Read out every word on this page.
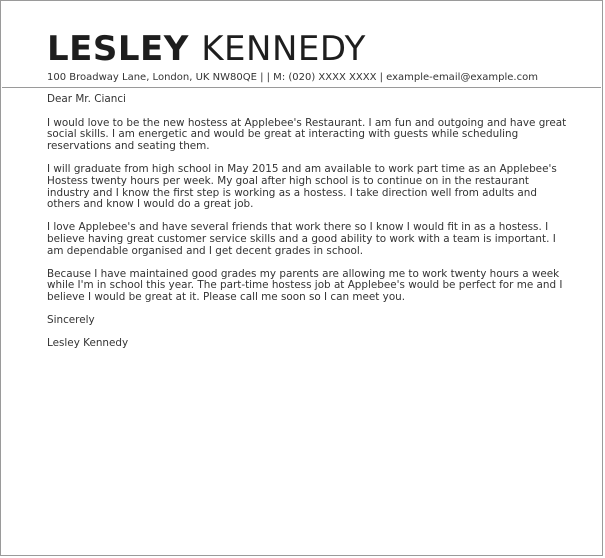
LESLEY KENNEDY
100 Broadway Lane, London, UK NW80QE | | M: (020) XXXX XXXX | example-email@example.com

Dear Mr. Cianci

I would love to be the new hostess at Applebee's Restaurant. I am fun and outgoing and have great social skills. I am energetic and would be great at interacting with guests while scheduling reservations and seating them.

I will graduate from high school in May 2015 and am available to work part time as an Applebee's Hostess twenty hours per week. My goal after high school is to continue on in the restaurant industry and I know the first step is working as a hostess. I take direction well from adults and others and know I would do a great job.

I love Applebee's and have several friends that work there so I know I would fit in as a hostess. I believe having great customer service skills and a good ability to work with a team is important. I am dependable organised and I get decent grades in school.

Because I have maintained good grades my parents are allowing me to work twenty hours a week while I'm in school this year. The part-time hostess job at Applebee's would be perfect for me and I believe I would be great at it. Please call me soon so I can meet you.

Sincerely

Lesley Kennedy
